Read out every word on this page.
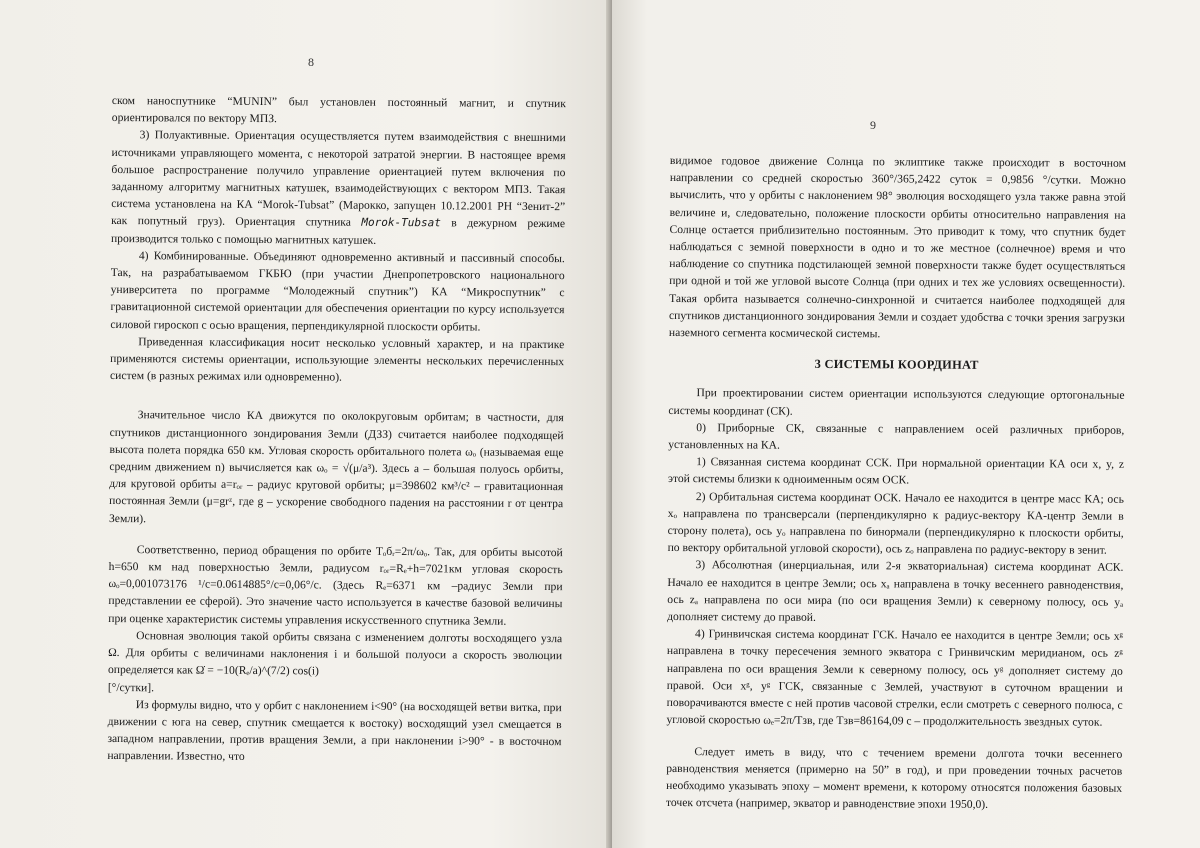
8

ском наноспутнике “MUNIN” был установлен постоянный магнит, и спутник ориентировался по вектору МПЗ.

3) Полуактивные. Ориентация осуществляется путем взаимодействия с внешними источниками управляющего момента, с некоторой затратой энергии. В настоящее время большое распространение получило управление ориентацией путем включения по заданному алгоритму магнитных катушек, взаимодействующих с вектором МПЗ. Такая система установлена на КА “Morok-Tubsat” (Марокко, запущен 10.12.2001 РН “Зенит-2” как попутный груз). Ориентация спутника Morok-Tubsat в дежурном режиме производится только с помощью магнитных катушек.

4) Комбинированные. Объединяют одновременно активный и пассивный способы. Так, на разрабатываемом ГКБЮ (при участии Днепропетровского национального университета по программе “Молодежный спутник”) КА “Микроспутник” с гравитационной системой ориентации для обеспечения ориентации по курсу используется силовой гироскоп с осью вращения, перпендикулярной плоскости орбиты.

Приведенная классификация носит несколько условный характер, и на практике применяются системы ориентации, использующие элементы нескольких перечисленных систем (в разных режимах или одновременно).

Значительное число КА движутся по околокруговым орбитам; в частности, для спутников дистанционного зондирования Земли (ДЗЗ) считается наиболее подходящей высота полета порядка 650 км. Угловая скорость орбитального полета ωₒ (называемая еще средним движением n) вычисляется как ωₒ = √(μ/a³). Здесь a – большая полуось орбиты, для круговой орбиты a=rₒᵣ – радиус круговой орбиты; μ=398602 км³/с² – гравитационная постоянная Земли (μ=grᶻ, где g – ускорение свободного падения на расстоянии r от центра Земли).

Соответственно, период обращения по орбите Tₒбᵣ=2π/ωₒ. Так, для орбиты высотой h=650 км над поверхностью Земли, радиусом rₒᵣ=Rₑ+h=7021км угловая скорость ωₒ=0,001073176 ¹/с=0.0614885°/с=0,06°/с. (Здесь Rₑ=6371 км –радиус Земли при представлении ее сферой). Это значение часто используется в качестве базовой величины при оценке характеристик системы управления искусственного спутника Земли.

Основная эволюция такой орбиты связана с изменением долготы восходящего узла Ω. Для орбиты с величинами наклонения i и большой полуоси a скорость эволюции определяется как Ω̇ = −10(Rₑ/a)^(7/2) cos(i)

[°/сутки].

Из формулы видно, что у орбит с наклонением i<90° (на восходящей ветви витка, при движении с юга на север, спутник смещается к востоку) восходящий узел смещается в западном направлении, против вращения Земли, а при наклонении i>90° - в восточном направлении. Известно, что

9

видимое годовое движение Солнца по эклиптике также происходит в восточном направлении со средней скоростью 360°/365,2422 суток = 0,9856 °/сутки. Можно вычислить, что у орбиты с наклонением 98° эволюция восходящего узла также равна этой величине и, следовательно, положение плоскости орбиты относительно направления на Солнце остается приблизительно постоянным. Это приводит к тому, что спутник будет наблюдаться с земной поверхности в одно и то же местное (солнечное) время и что наблюдение со спутника подстилающей земной поверхности также будет осуществляться при одной и той же угловой высоте Солнца (при одних и тех же условиях освещенности). Такая орбита называется солнечно-синхронной и считается наиболее подходящей для спутников дистанционного зондирования Земли и создает удобства с точки зрения загрузки наземного сегмента космической системы.

3 СИСТЕМЫ КООРДИНАТ

При проектировании систем ориентации используются следующие ортогональные системы координат (СК).

0) Приборные СК, связанные с направлением осей различных приборов, установленных на КА.

1) Связанная система координат ССК. При нормальной ориентации КА оси x, y, z этой системы близки к одноименным осям ОСК.

2) Орбитальная система координат ОСК. Начало ее находится в центре масс КА; ось xₒ направлена по трансверсали (перпендикулярно к радиус-вектору КА-центр Земли в сторону полета), ось yₒ направлена по бинормали (перпендикулярно к плоскости орбиты, по вектору орбитальной угловой скорости), ось zₒ направлена по радиус-вектору в зенит.

3) Абсолютная (инерциальная, или 2-я экваториальная) система координат АСК. Начало ее находится в центре Земли; ось xₐ направлена в точку весеннего равноденствия, ось zₐ направлена по оси мира (по оси вращения Земли) к северному полюсу, ось yₐ дополняет систему до правой.

4) Гринвичская система координат ГСК. Начало ее находится в центре Земли; ось xᵍ направлена в точку пересечения земного экватора с Гринвичским меридианом, ось zᵍ направлена по оси вращения Земли к северному полюсу, ось yᵍ дополняет систему до правой. Оси xᵍ, yᵍ ГСК, связанные с Землей, участвуют в суточном вращении и поворачиваются вместе с ней против часовой стрелки, если смотреть с северного полюса, с угловой скоростью ωₑ=2π/Tзв, где Tзв=86164,09 с – продолжительность звездных суток.

Следует иметь в виду, что с течением времени долгота точки весеннего равноденствия меняется (примерно на 50” в год), и при проведении точных расчетов необходимо указывать эпоху – момент времени, к которому относятся положения базовых точек отсчета (например, экватор и равноденствие эпохи 1950,0).
